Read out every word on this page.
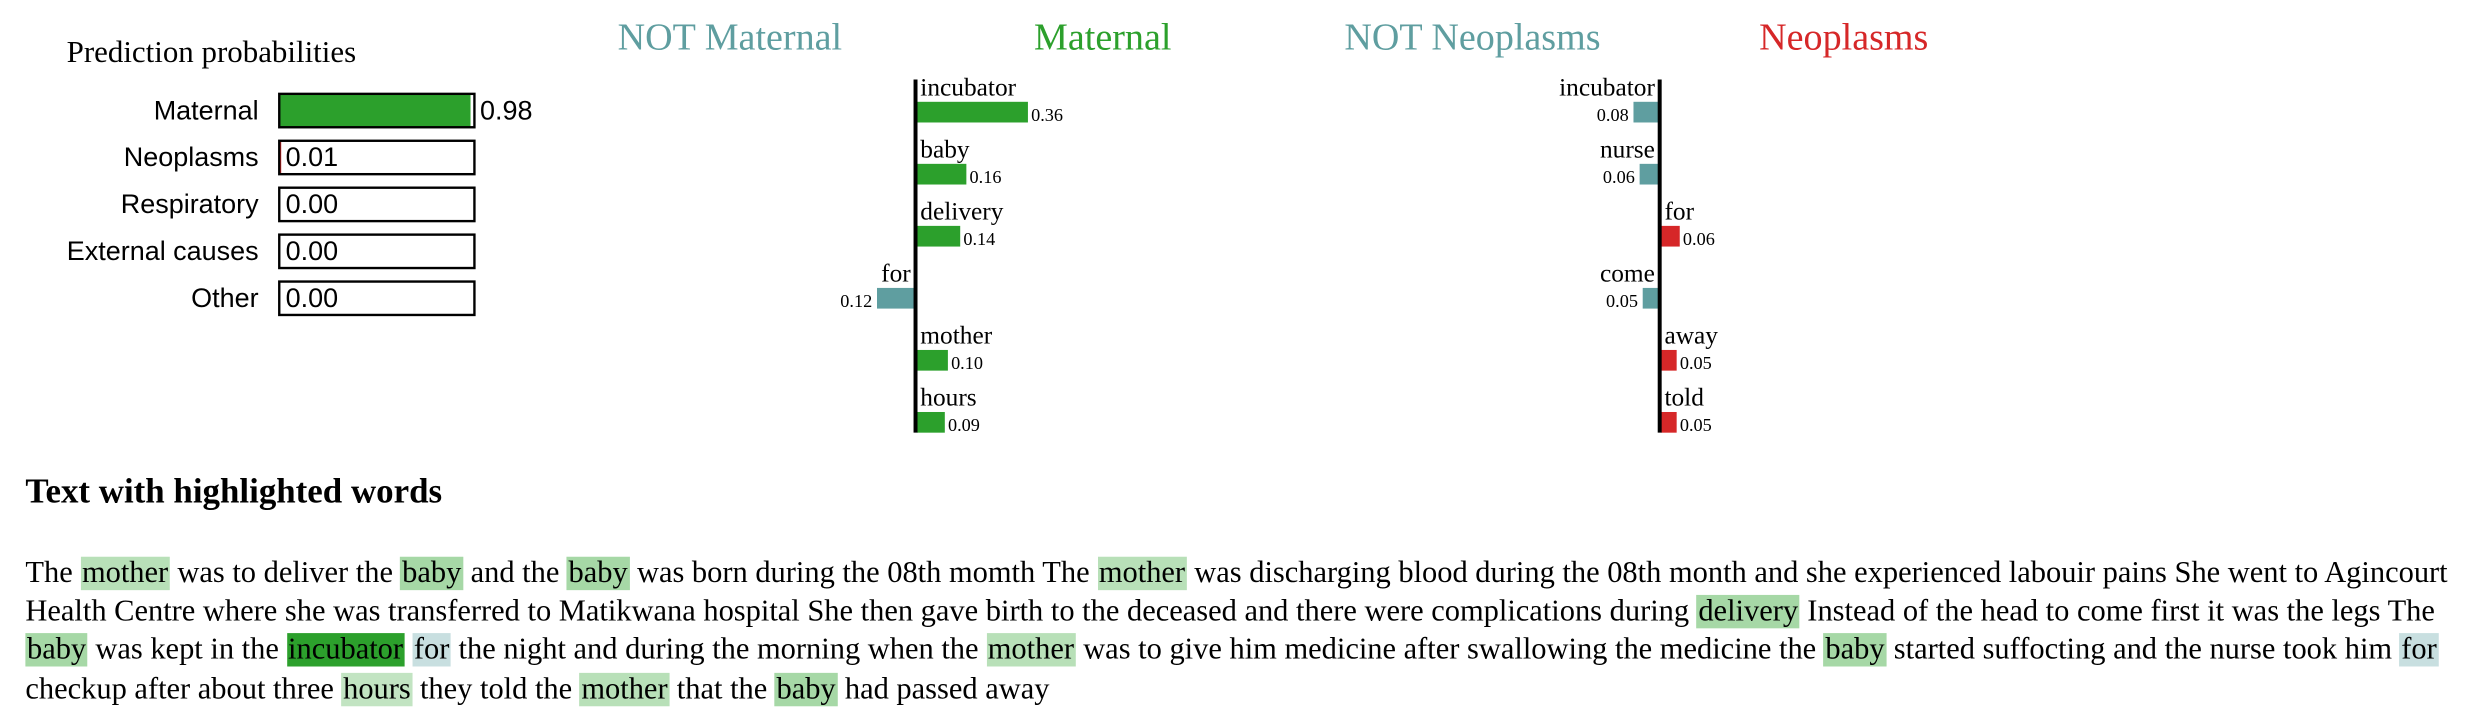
Prediction probabilities
Maternal	0.98
Neoplasms 0.01
Respiratory 0.00
External causes 0.00
Other 0.00
NOT Maternal	Maternal
incubator
0.36
baby
0.16
delivery
0.14
for
0.12
mother
0.10
hours
0.09
NOT Neoplasms	Neoplasms
incubator
0.08
nurse
0.06
for
0.06
come
0.05
away
0.05
told
0.05
Text with highlighted words
The mother was to deliver the baby and the baby was born during the 08th momth The mother was discharging blood during the 08th month and she experienced labouir pains She went to Agincourt Health Centre where she was transferred to Matikwana hospital She then gave birth to the deceased and there were complications during delivery Instead of the head to come first it was the legs The baby was kept in the incubator for the night and during the morning when the mother was to give him medicine after swallowing the medicine the baby started suffocting and the nurse took him for checkup after about three hours they told the mother that the baby had passed away
